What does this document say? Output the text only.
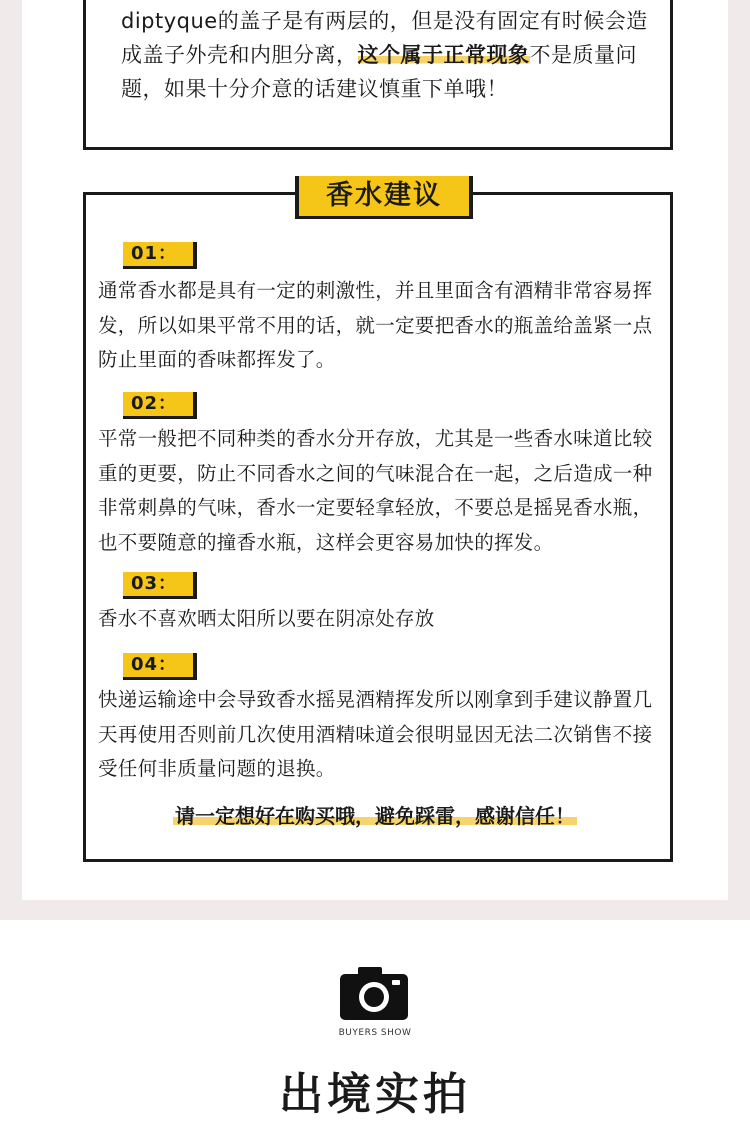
diptyque的盖子是有两层的，但是没有固定有时候会造成盖子外壳和内胆分离，这个属于正常现象不是质量问题，如果十分介意的话建议慎重下单哦！

香水建议
01：

通常香水都是具有一定的刺激性，并且里面含有酒精非常容易挥发，所以如果平常不用的话，就一定要把香水的瓶盖给盖紧一点防止里面的香味都挥发了。

02：

平常一般把不同种类的香水分开存放，尤其是一些香水味道比较重的更要，防止不同香水之间的气味混合在一起，之后造成一种非常刺鼻的气味，香水一定要轻拿轻放，不要总是摇晃香水瓶，也不要随意的撞香水瓶，这样会更容易加快的挥发。

03：

香水不喜欢晒太阳所以要在阴凉处存放

04：

快递运输途中会导致香水摇晃酒精挥发所以刚拿到手建议静置几天再使用否则前几次使用酒精味道会很明显因无法二次销售不接受任何非质量问题的退换。

请一定想好在购买哦，避免踩雷，感谢信任！
BUYERS SHOW
出境实拍
